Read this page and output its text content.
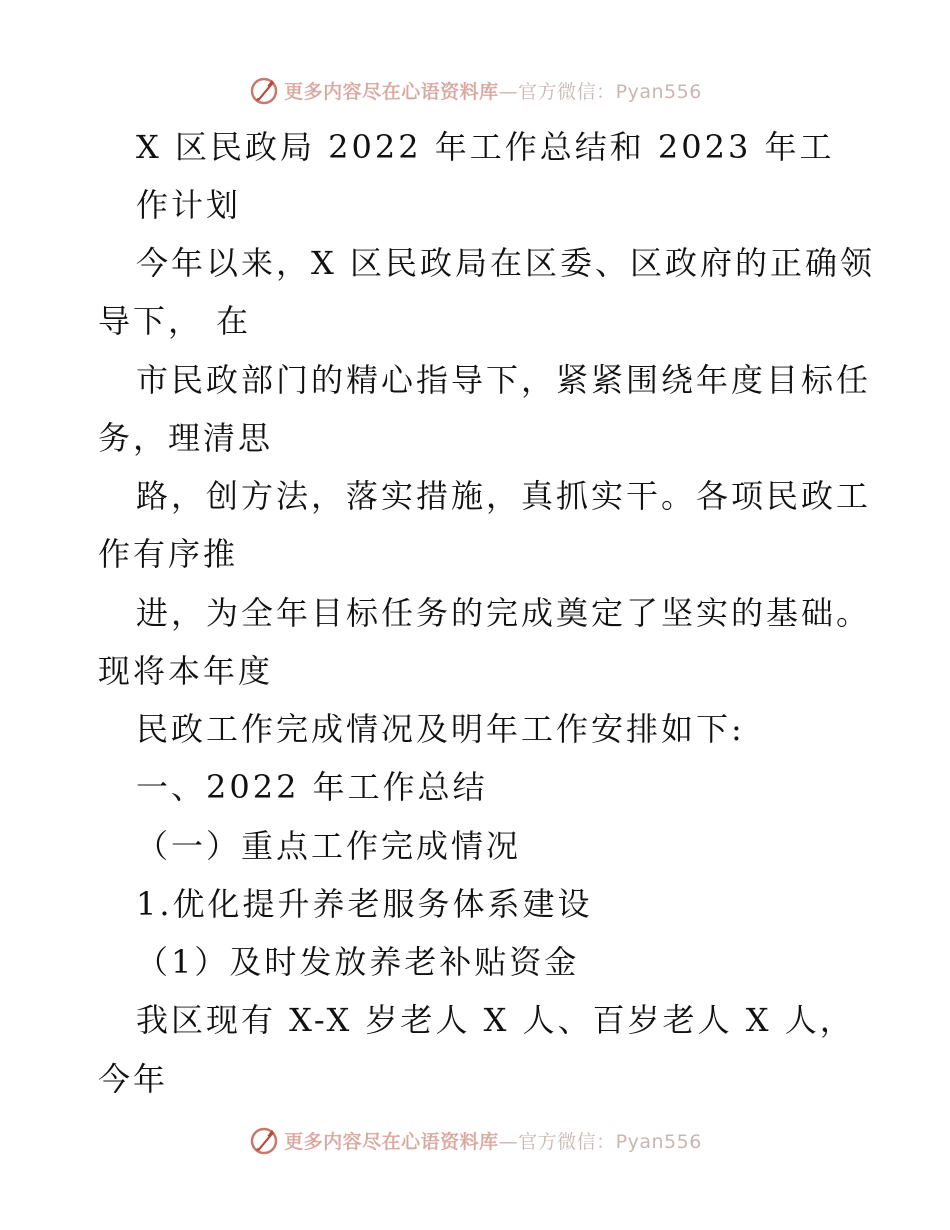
更多内容尽在心语资料库—官方微信：Pyan556
X 区民政局 2022 年工作总结和 2023 年工
作计划
今年以来，X 区民政局在区委、区政府的正确领
导下， 在
市民政部门的精心指导下，紧紧围绕年度目标任
务，理清思
路，创方法，落实措施，真抓实干。各项民政工
作有序推
进，为全年目标任务的完成奠定了坚实的基础。
现将本年度
民政工作完成情况及明年工作安排如下:
一、2022 年工作总结
（一）重点工作完成情况
1.优化提升养老服务体系建设
（1）及时发放养老补贴资金
我区现有 X-X 岁老人 X 人、百岁老人 X 人，
今年
更多内容尽在心语资料库—官方微信：Pyan556
